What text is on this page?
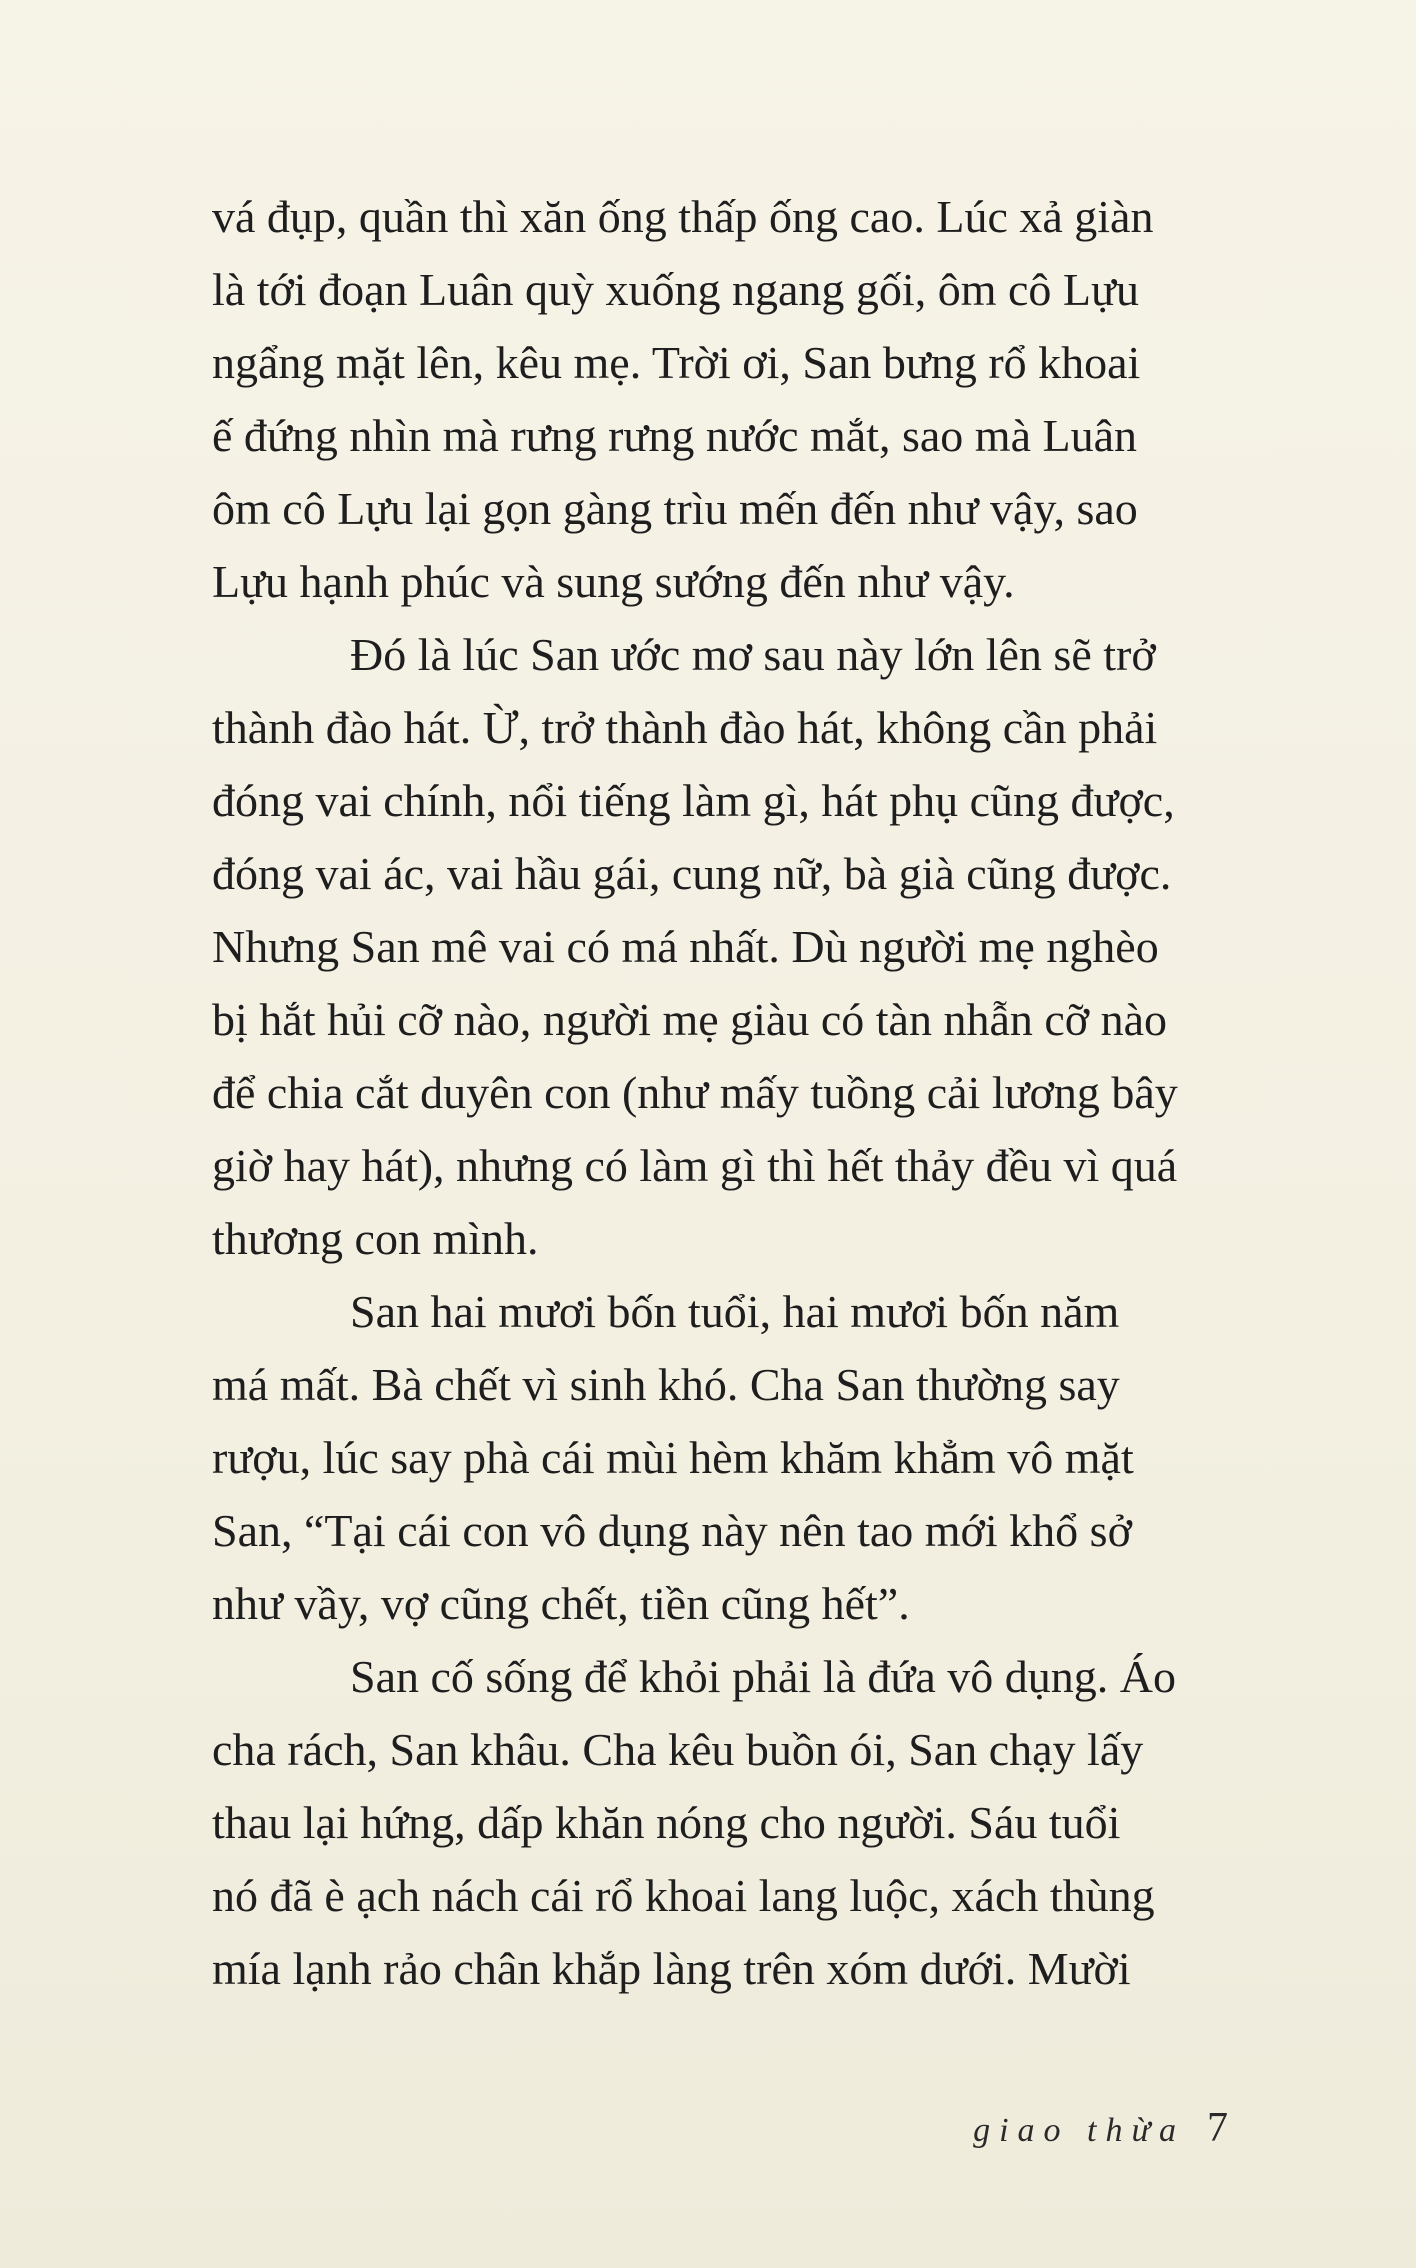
vá đụp, quần thì xăn ống thấp ống cao. Lúc xả giàn
là tới đoạn Luân quỳ xuống ngang gối, ôm cô Lựu
ngẩng mặt lên, kêu mẹ. Trời ơi, San bưng rổ khoai
ế đứng nhìn mà rưng rưng nước mắt, sao mà Luân
ôm cô Lựu lại gọn gàng trìu mến đến như vậy, sao
Lựu hạnh phúc và sung sướng đến như vậy.
Đó là lúc San ước mơ sau này lớn lên sẽ trở
thành đào hát. Ừ, trở thành đào hát, không cần phải
đóng vai chính, nổi tiếng làm gì, hát phụ cũng được,
đóng vai ác, vai hầu gái, cung nữ, bà già cũng được.
Nhưng San mê vai có má nhất. Dù người mẹ nghèo
bị hắt hủi cỡ nào, người mẹ giàu có tàn nhẫn cỡ nào
để chia cắt duyên con (như mấy tuồng cải lương bây
giờ hay hát), nhưng có làm gì thì hết thảy đều vì quá
thương con mình.
San hai mươi bốn tuổi, hai mươi bốn năm
má mất. Bà chết vì sinh khó. Cha San thường say
rượu, lúc say phà cái mùi hèm khăm khẳm vô mặt
San, “Tại cái con vô dụng này nên tao mới khổ sở
như vầy, vợ cũng chết, tiền cũng hết”.
San cố sống để khỏi phải là đứa vô dụng. Áo
cha rách, San khâu. Cha kêu buồn ói, San chạy lấy
thau lại hứng, dấp khăn nóng cho người. Sáu tuổi
nó đã è ạch nách cái rổ khoai lang luộc, xách thùng
mía lạnh rảo chân khắp làng trên xóm dưới. Mười
giao thừa 7
